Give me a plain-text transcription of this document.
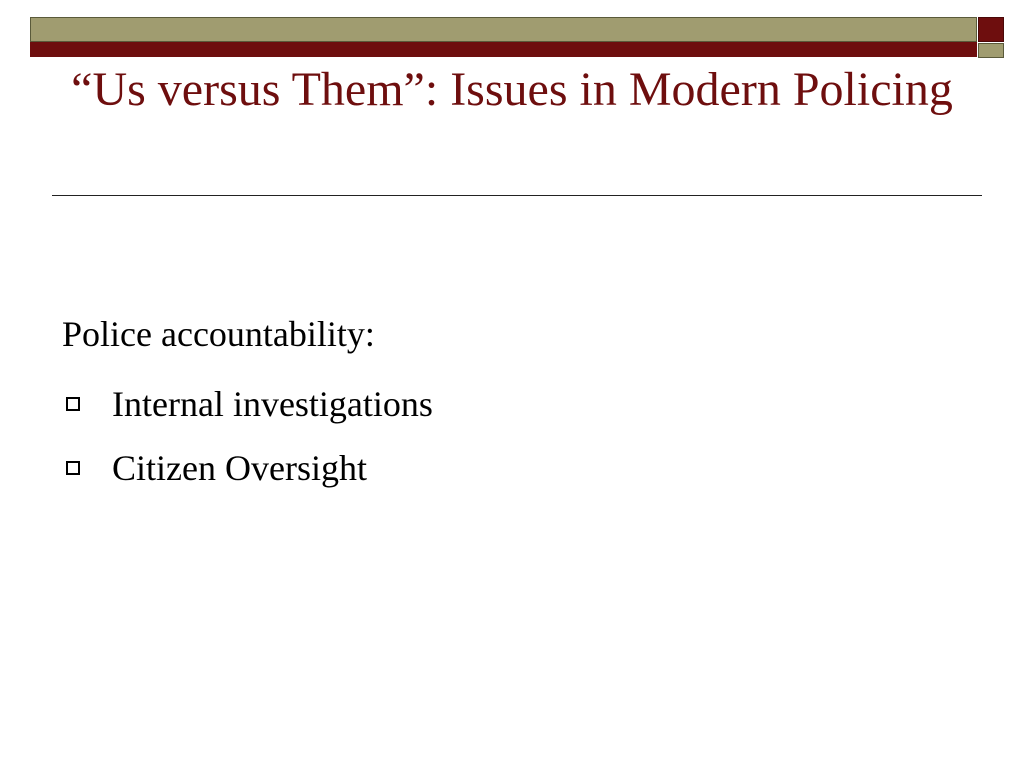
“Us versus Them”: Issues in Modern Policing

Police accountability:

Internal investigations
Citizen Oversight
